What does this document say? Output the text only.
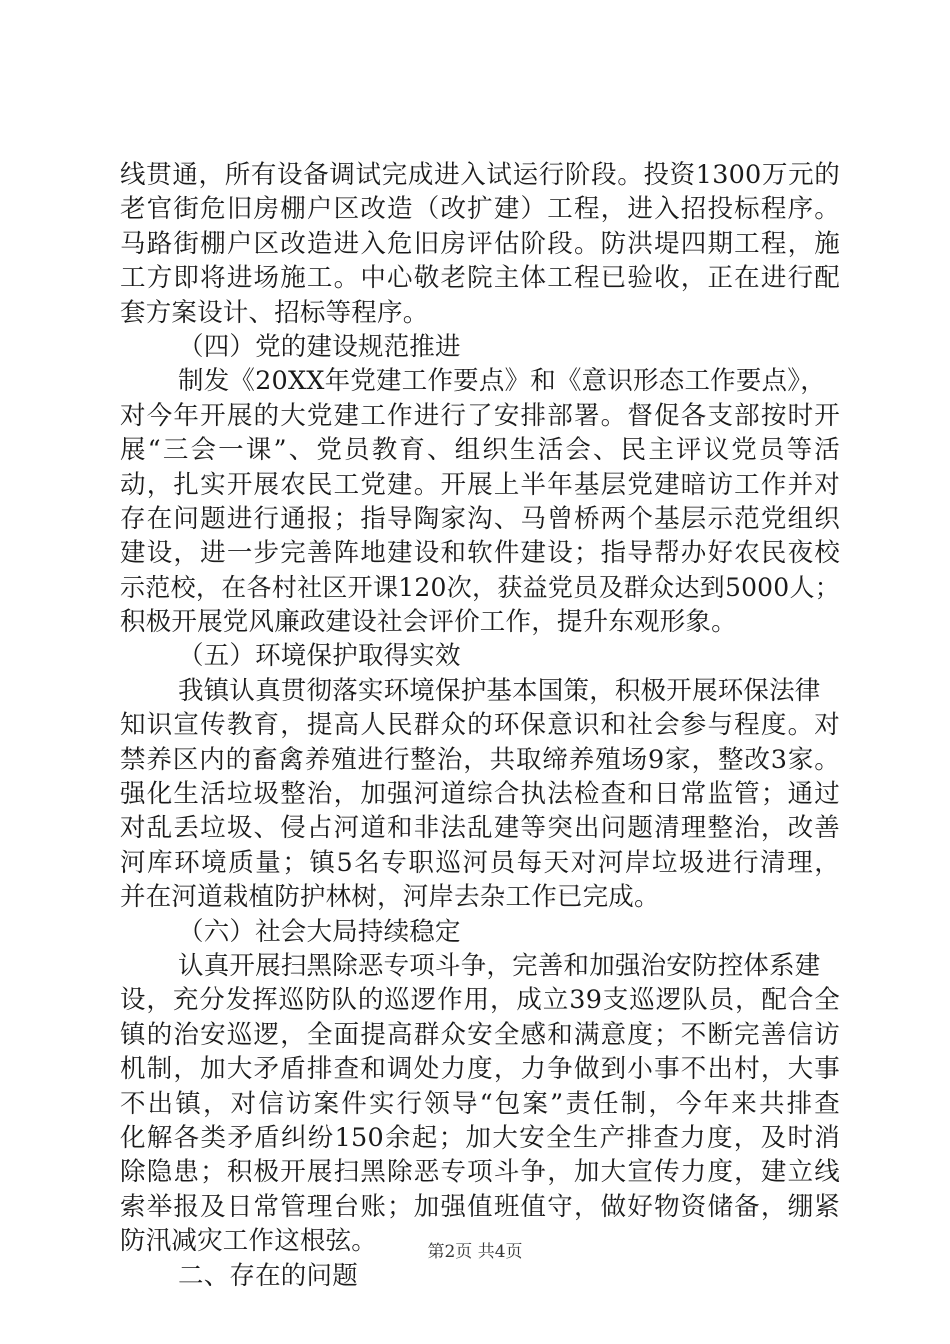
线贯通，所有设备调试完成进入试运行阶段。投资1300万元的
老官街危旧房棚户区改造（改扩建）工程，进入招投标程序。
马路街棚户区改造进入危旧房评估阶段。防洪堤四期工程，施
工方即将进场施工。中心敬老院主体工程已验收，正在进行配
套方案设计、招标等程序。
（四）党的建设规范推进
制发《20XX年党建工作要点》和《意识形态工作要点》，
对今年开展的大党建工作进行了安排部署。督促各支部按时开
展“三会一课”、党员教育、组织生活会、民主评议党员等活
动，扎实开展农民工党建。开展上半年基层党建暗访工作并对
存在问题进行通报；指导陶家沟、马曾桥两个基层示范党组织
建设，进一步完善阵地建设和软件建设；指导帮办好农民夜校
示范校，在各村社区开课120次，获益党员及群众达到5000人；
积极开展党风廉政建设社会评价工作，提升东观形象。
（五）环境保护取得实效
我镇认真贯彻落实环境保护基本国策，积极开展环保法律
知识宣传教育，提高人民群众的环保意识和社会参与程度。对
禁养区内的畜禽养殖进行整治，共取缔养殖场9家，整改3家。
强化生活垃圾整治，加强河道综合执法检查和日常监管；通过
对乱丢垃圾、侵占河道和非法乱建等突出问题清理整治，改善
河库环境质量；镇5名专职巡河员每天对河岸垃圾进行清理，
并在河道栽植防护林树，河岸去杂工作已完成。
（六）社会大局持续稳定
认真开展扫黑除恶专项斗争，完善和加强治安防控体系建
设，充分发挥巡防队的巡逻作用，成立39支巡逻队员，配合全
镇的治安巡逻，全面提高群众安全感和满意度；不断完善信访
机制，加大矛盾排查和调处力度，力争做到小事不出村，大事
不出镇，对信访案件实行领导“包案”责任制，今年来共排查
化解各类矛盾纠纷150余起；加大安全生产排查力度，及时消
除隐患；积极开展扫黑除恶专项斗争，加大宣传力度，建立线
索举报及日常管理台账；加强值班值守，做好物资储备，绷紧
防汛减灾工作这根弦。
二、存在的问题
第2页 共4页
